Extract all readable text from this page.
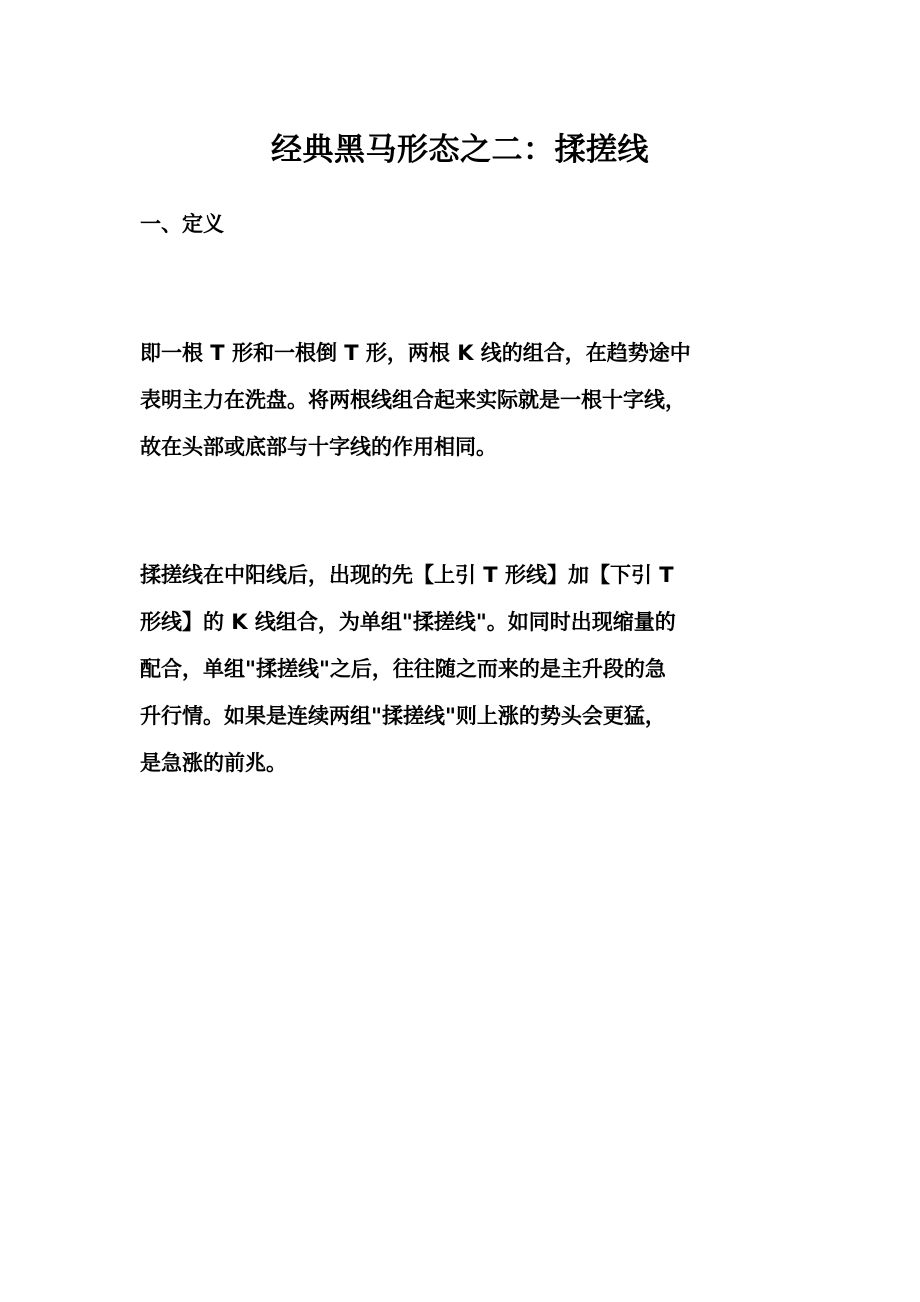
经典黑马形态之二：揉搓线
一、定义

即一根 T 形和一根倒 T 形，两根 K 线的组合，在趋势途中
表明主力在洗盘。将两根线组合起来实际就是一根十字线，
故在头部或底部与十字线的作用相同。

揉搓线在中阳线后，出现的先【上引 T 形线】加【下引 T
形线】的 K 线组合，为单组"揉搓线"。如同时出现缩量的
配合，单组"揉搓线"之后，往往随之而来的是主升段的急
升行情。如果是连续两组"揉搓线"则上涨的势头会更猛，
是急涨的前兆。
